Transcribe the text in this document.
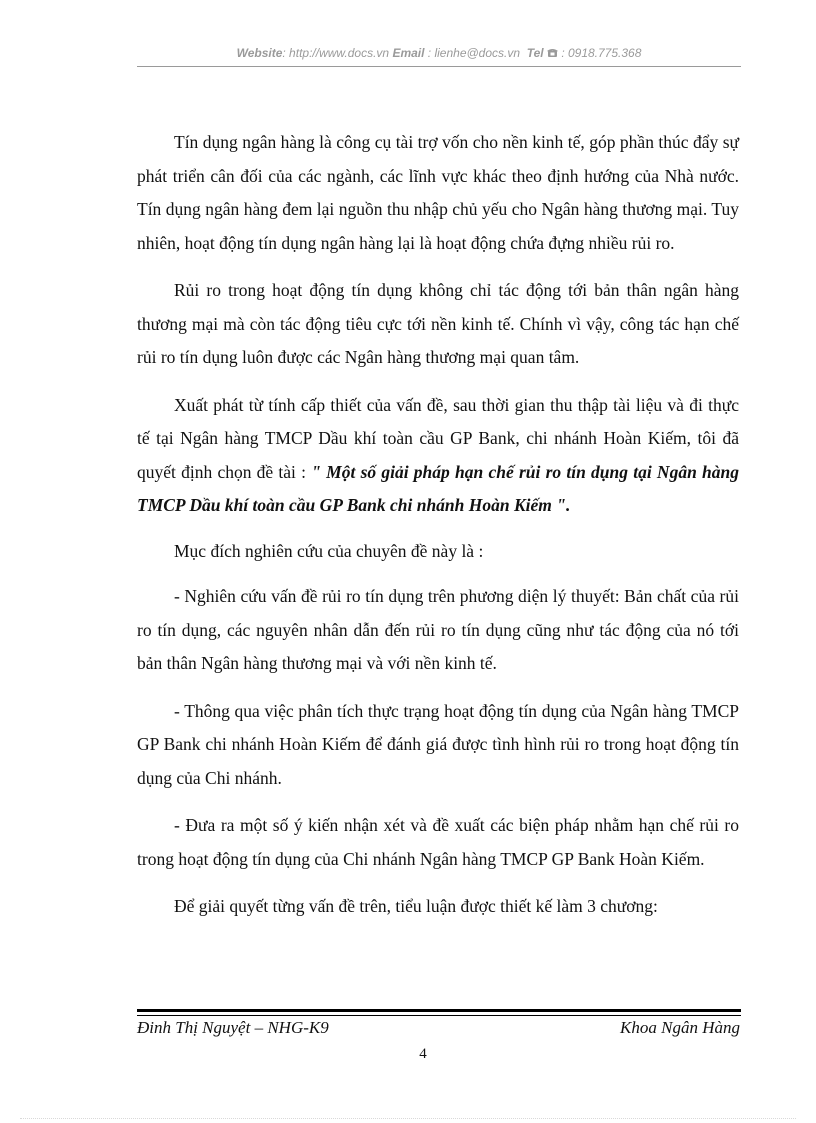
Website: http://www.docs.vn Email : lienhe@docs.vn Tel  : 0918.775.368

Tín dụng ngân hàng là công cụ tài trợ vốn cho nền kinh tế, góp phần thúc đẩy sự phát triển cân đối của các ngành, các lĩnh vực khác theo định hướng của Nhà nước. Tín dụng ngân hàng đem lại nguồn thu nhập chủ yếu cho Ngân hàng thương mại. Tuy nhiên, hoạt động tín dụng ngân hàng lại là hoạt động chứa đựng nhiều rủi ro.

Rủi ro trong hoạt động tín dụng không chỉ tác động tới bản thân ngân hàng thương mại mà còn tác động tiêu cực tới nền kinh tế. Chính vì vậy, công tác hạn chế rủi ro tín dụng luôn được các Ngân hàng thương mại quan tâm.

Xuất phát từ tính cấp thiết của vấn đề, sau thời gian thu thập tài liệu và đi thực tế tại Ngân hàng TMCP Dầu khí toàn cầu GP Bank, chi nhánh Hoàn Kiếm, tôi đã quyết định chọn đề tài : " Một số giải pháp hạn chế rủi ro tín dụng tại Ngân hàng TMCP Dầu khí toàn cầu GP Bank chi nhánh Hoàn Kiếm ".

Mục đích nghiên cứu của chuyên đề này là :

- Nghiên cứu vấn đề rủi ro tín dụng trên phương diện lý thuyết: Bản chất của rủi ro tín dụng, các nguyên nhân dẫn đến rủi ro tín dụng cũng như tác động của nó tới bản thân Ngân hàng thương mại và với nền kinh tế.

- Thông qua việc phân tích thực trạng hoạt động tín dụng của Ngân hàng TMCP GP Bank chi nhánh Hoàn Kiếm để đánh giá được tình hình rủi ro trong hoạt động tín dụng của Chi nhánh.

- Đưa ra một số ý kiến nhận xét và đề xuất các biện pháp nhằm hạn chế rủi ro trong hoạt động tín dụng của Chi nhánh Ngân hàng TMCP GP Bank Hoàn Kiếm.

Để giải quyết từng vấn đề trên, tiểu luận được thiết kế làm 3 chương:

Đinh Thị Nguyệt – NHG-K9	Khoa Ngân Hàng
4
